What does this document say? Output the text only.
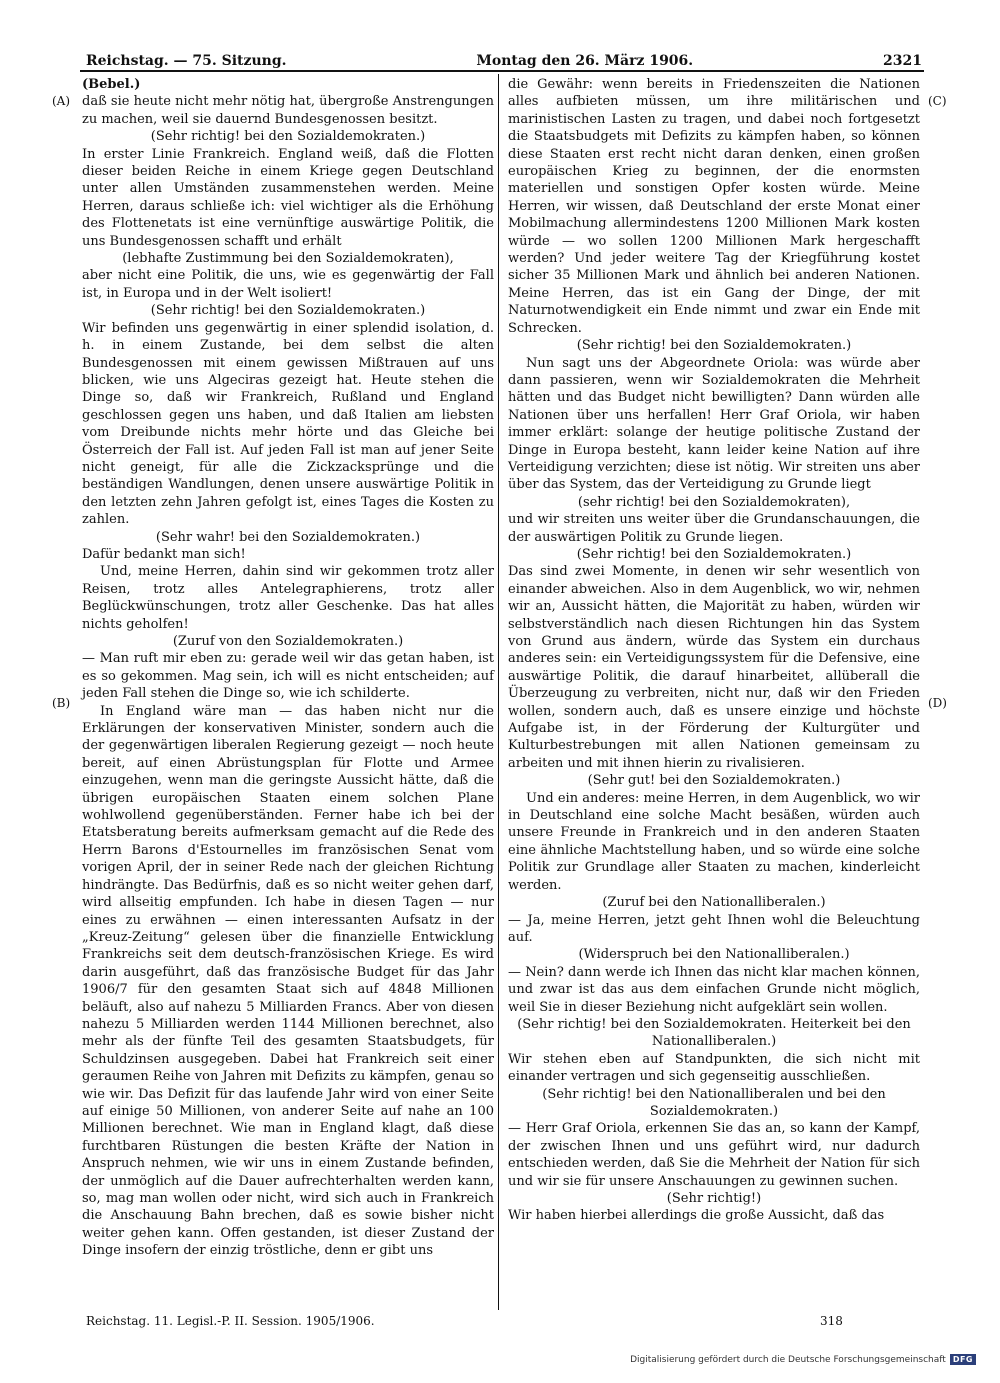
Reichstag. — 75. Sitzung.	Montag den 26. März 1906.	2321
(A)
(B)
(C)
(D)

(Bebel.)

daß sie heute nicht mehr nötig hat, übergroße Anstrengungen zu machen, weil sie dauernd Bundesgenossen besitzt.

(Sehr richtig! bei den Sozialdemokraten.)

In erster Linie Frankreich. England weiß, daß die Flotten dieser beiden Reiche in einem Kriege gegen Deutschland unter allen Umständen zusammenstehen werden. Meine Herren, daraus schließe ich: viel wichtiger als die Erhöhung des Flottenetats ist eine vernünftige auswärtige Politik, die uns Bundesgenossen schafft und erhält

(lebhafte Zustimmung bei den Sozialdemokraten),

aber nicht eine Politik, die uns, wie es gegenwärtig der Fall ist, in Europa und in der Welt isoliert!

(Sehr richtig! bei den Sozialdemokraten.)

Wir befinden uns gegenwärtig in einer splendid isolation, d. h. in einem Zustande, bei dem selbst die alten Bundesgenossen mit einem gewissen Mißtrauen auf uns blicken, wie uns Algeciras gezeigt hat. Heute stehen die Dinge so, daß wir Frankreich, Rußland und England geschlossen gegen uns haben, und daß Italien am liebsten vom Dreibunde nichts mehr hörte und das Gleiche bei Österreich der Fall ist. Auf jeden Fall ist man auf jener Seite nicht geneigt, für alle die Zickzacksprünge und die beständigen Wandlungen, denen unsere auswärtige Politik in den letzten zehn Jahren gefolgt ist, eines Tages die Kosten zu zahlen.

(Sehr wahr! bei den Sozialdemokraten.)

Dafür bedankt man sich!

Und, meine Herren, dahin sind wir gekommen trotz aller Reisen, trotz alles Antelegraphierens, trotz aller Beglückwünschungen, trotz aller Geschenke. Das hat alles nichts geholfen!

(Zuruf von den Sozialdemokraten.)

— Man ruft mir eben zu: gerade weil wir das getan haben, ist es so gekommen. Mag sein, ich will es nicht entscheiden; auf jeden Fall stehen die Dinge so, wie ich schilderte.

In England wäre man — das haben nicht nur die Erklärungen der konservativen Minister, sondern auch die der gegenwärtigen liberalen Regierung gezeigt — noch heute bereit, auf einen Abrüstungsplan für Flotte und Armee einzugehen, wenn man die geringste Aussicht hätte, daß die übrigen europäischen Staaten einem solchen Plane wohlwollend gegenüberständen. Ferner habe ich bei der Etatsberatung bereits aufmerksam gemacht auf die Rede des Herrn Barons d'Estournelles im französischen Senat vom vorigen April, der in seiner Rede nach der gleichen Richtung hindrängte. Das Bedürfnis, daß es so nicht weiter gehen darf, wird allseitig empfunden. Ich habe in diesen Tagen — nur eines zu erwähnen — einen interessanten Aufsatz in der „Kreuz-Zeitung“ gelesen über die finanzielle Entwicklung Frankreichs seit dem deutsch-französischen Kriege. Es wird darin ausgeführt, daß das französische Budget für das Jahr 1906/7 für den gesamten Staat sich auf 4848 Millionen beläuft, also auf nahezu 5 Milliarden Francs. Aber von diesen nahezu 5 Milliarden werden 1144 Millionen berechnet, also mehr als der fünfte Teil des gesamten Staatsbudgets, für Schuldzinsen ausgegeben. Dabei hat Frankreich seit einer geraumen Reihe von Jahren mit Defizits zu kämpfen, genau so wie wir. Das Defizit für das laufende Jahr wird von einer Seite auf einige 50 Millionen, von anderer Seite auf nahe an 100 Millionen berechnet. Wie man in England klagt, daß diese furchtbaren Rüstungen die besten Kräfte der Nation in Anspruch nehmen, wie wir uns in einem Zustande befinden, der unmöglich auf die Dauer aufrechterhalten werden kann, so, mag man wollen oder nicht, wird sich auch in Frankreich die Anschauung Bahn brechen, daß es sowie bisher nicht weiter gehen kann. Offen gestanden, ist dieser Zustand der Dinge insofern der einzig tröstliche, denn er gibt uns

die Gewähr: wenn bereits in Friedenszeiten die Nationen alles aufbieten müssen, um ihre militärischen und marinistischen Lasten zu tragen, und dabei noch fortgesetzt die Staatsbudgets mit Defizits zu kämpfen haben, so können diese Staaten erst recht nicht daran denken, einen großen europäischen Krieg zu beginnen, der die enormsten materiellen und sonstigen Opfer kosten würde. Meine Herren, wir wissen, daß Deutschland der erste Monat einer Mobilmachung allermindestens 1200 Millionen Mark kosten würde — wo sollen 1200 Millionen Mark hergeschafft werden? Und jeder weitere Tag der Kriegführung kostet sicher 35 Millionen Mark und ähnlich bei anderen Nationen. Meine Herren, das ist ein Gang der Dinge, der mit Naturnotwendigkeit ein Ende nimmt und zwar ein Ende mit Schrecken.

(Sehr richtig! bei den Sozialdemokraten.)

Nun sagt uns der Abgeordnete Oriola: was würde aber dann passieren, wenn wir Sozialdemokraten die Mehrheit hätten und das Budget nicht bewilligten? Dann würden alle Nationen über uns herfallen! Herr Graf Oriola, wir haben immer erklärt: solange der heutige politische Zustand der Dinge in Europa besteht, kann leider keine Nation auf ihre Verteidigung verzichten; diese ist nötig. Wir streiten uns aber über das System, das der Verteidigung zu Grunde liegt

(sehr richtig! bei den Sozialdemokraten),

und wir streiten uns weiter über die Grundanschauungen, die der auswärtigen Politik zu Grunde liegen.

(Sehr richtig! bei den Sozialdemokraten.)

Das sind zwei Momente, in denen wir sehr wesentlich von einander abweichen. Also in dem Augenblick, wo wir, nehmen wir an, Aussicht hätten, die Majorität zu haben, würden wir selbstverständlich nach diesen Richtungen hin das System von Grund aus ändern, würde das System ein durchaus anderes sein: ein Verteidigungssystem für die Defensive, eine auswärtige Politik, die darauf hinarbeitet, allüberall die Überzeugung zu verbreiten, nicht nur, daß wir den Frieden wollen, sondern auch, daß es unsere einzige und höchste Aufgabe ist, in der Förderung der Kulturgüter und Kulturbestrebungen mit allen Nationen gemeinsam zu arbeiten und mit ihnen hierin zu rivalisieren.

(Sehr gut! bei den Sozialdemokraten.)

Und ein anderes: meine Herren, in dem Augenblick, wo wir in Deutschland eine solche Macht besäßen, würden auch unsere Freunde in Frankreich und in den anderen Staaten eine ähnliche Machtstellung haben, und so würde eine solche Politik zur Grundlage aller Staaten zu machen, kinderleicht werden.

(Zuruf bei den Nationalliberalen.)

— Ja, meine Herren, jetzt geht Ihnen wohl die Beleuchtung auf.

(Widerspruch bei den Nationalliberalen.)

— Nein? dann werde ich Ihnen das nicht klar machen können, und zwar ist das aus dem einfachen Grunde nicht möglich, weil Sie in dieser Beziehung nicht aufgeklärt sein wollen.

(Sehr richtig! bei den Sozialdemokraten. Heiterkeit bei den Nationalliberalen.)

Wir stehen eben auf Standpunkten, die sich nicht mit einander vertragen und sich gegenseitig ausschließen.

(Sehr richtig! bei den Nationalliberalen und bei den Sozialdemokraten.)

— Herr Graf Oriola, erkennen Sie das an, so kann der Kampf, der zwischen Ihnen und uns geführt wird, nur dadurch entschieden werden, daß Sie die Mehrheit der Nation für sich und wir sie für unsere Anschauungen zu gewinnen suchen.

(Sehr richtig!)

Wir haben hierbei allerdings die große Aussicht, daß das

Reichstag. 11. Legisl.-P. II. Session. 1905/1906.	318
Digitalisierung gefördert durch die Deutsche Forschungsgemeinschaft DFG
